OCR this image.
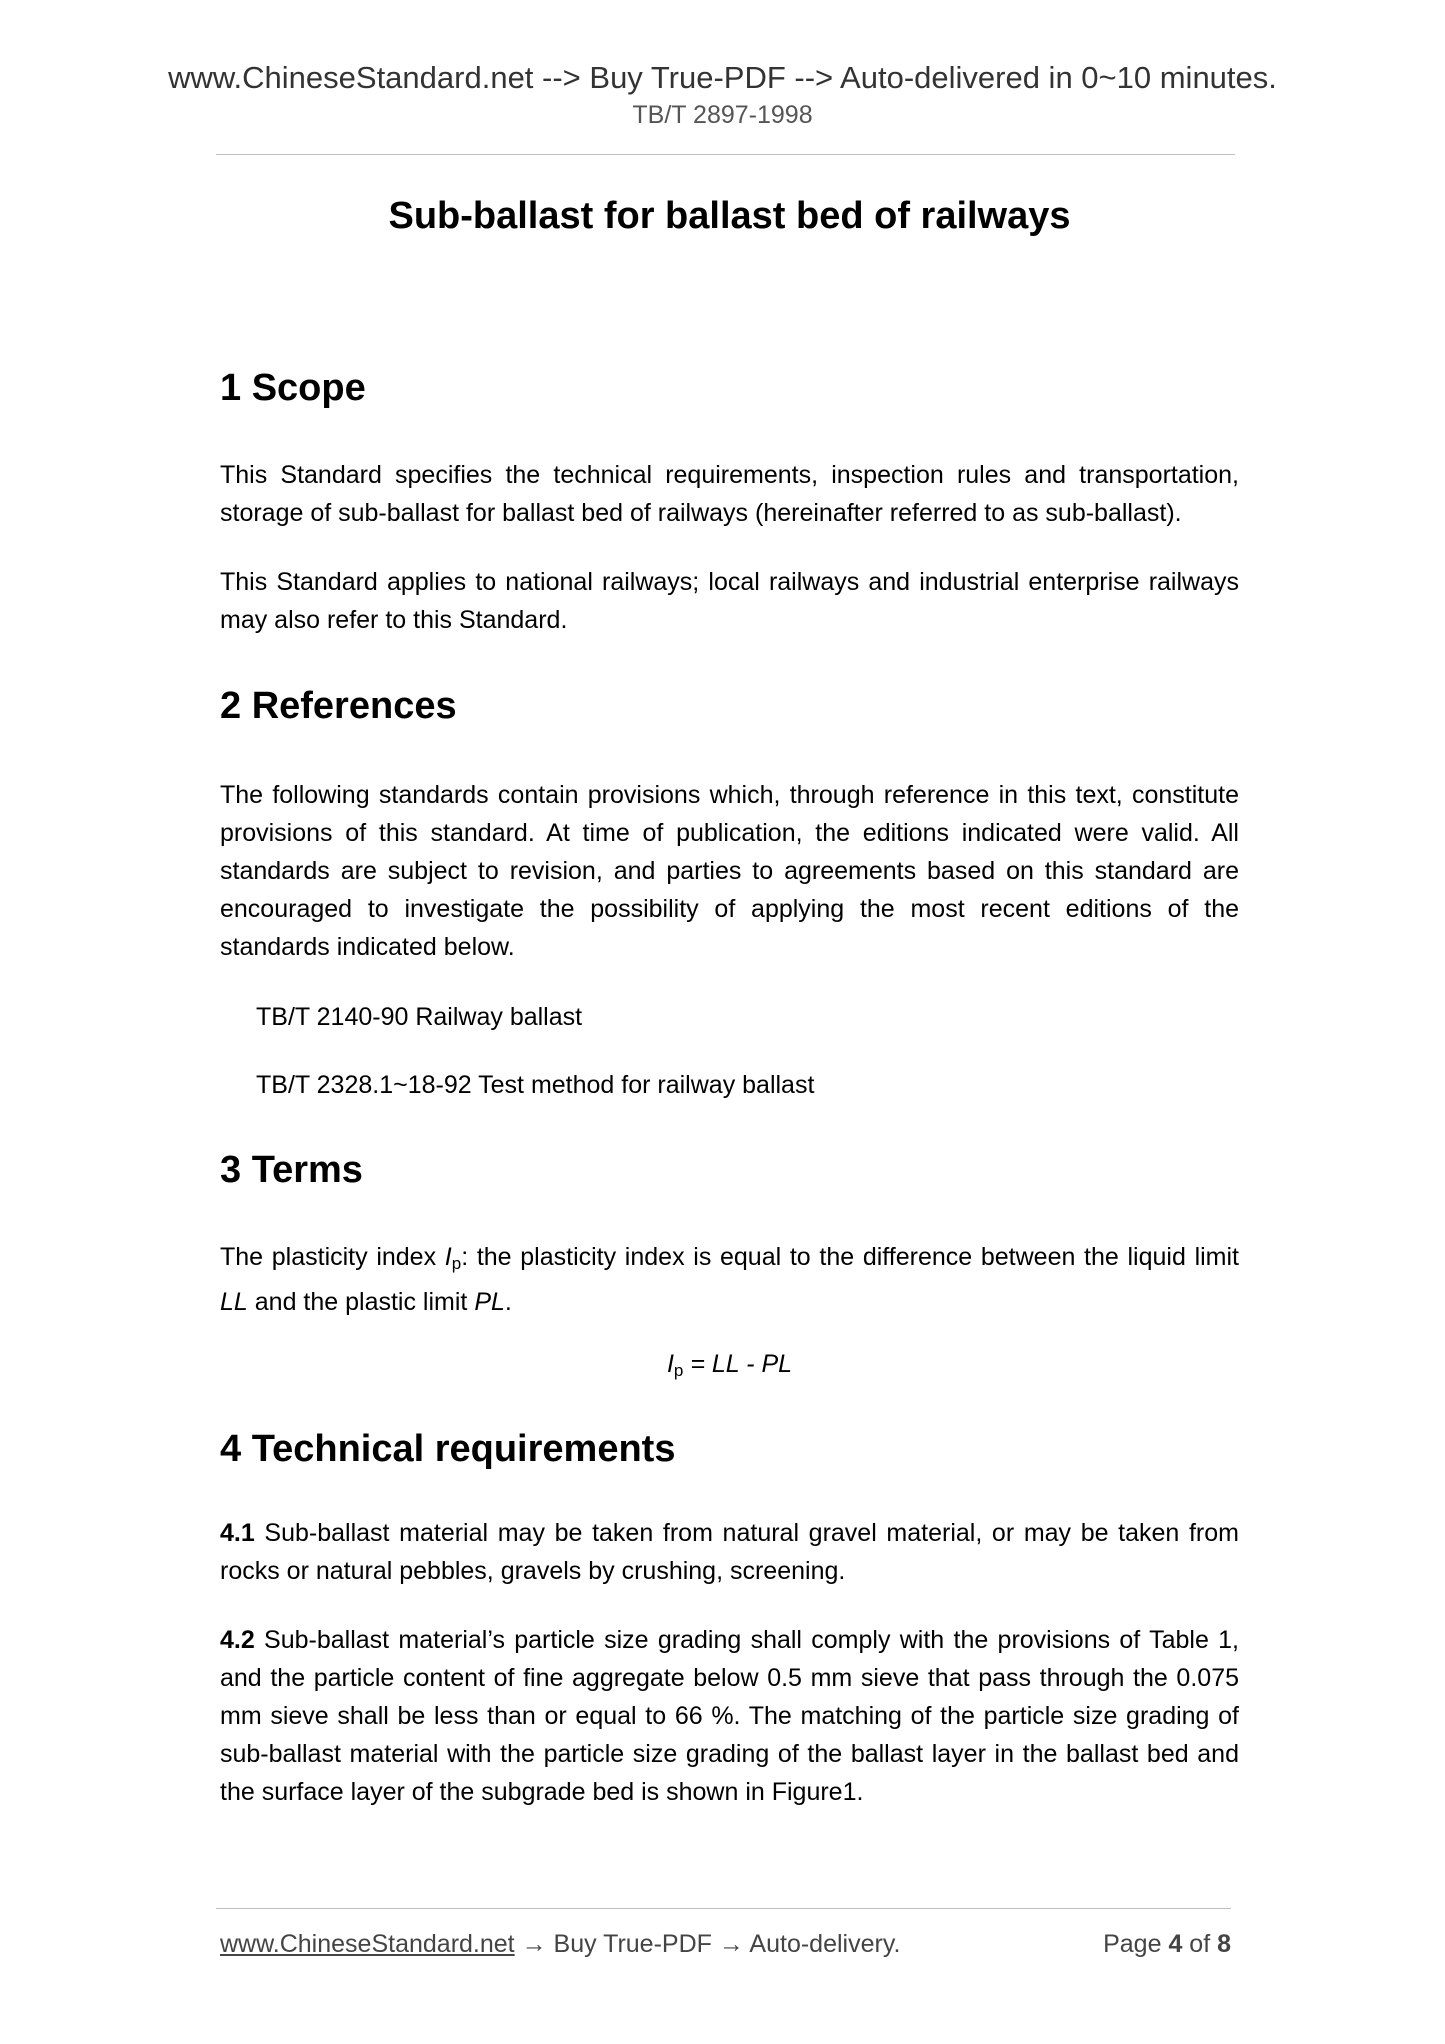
www.ChineseStandard.net --> Buy True-PDF --> Auto-delivered in 0~10 minutes.
TB/T 2897-1998
Sub-ballast for ballast bed of railways
1 Scope
This Standard specifies the technical requirements, inspection rules and transportation, storage of sub-ballast for ballast bed of railways (hereinafter referred to as sub-ballast).
This Standard applies to national railways; local railways and industrial enterprise railways may also refer to this Standard.
2 References
The following standards contain provisions which, through reference in this text, constitute provisions of this standard. At time of publication, the editions indicated were valid. All standards are subject to revision, and parties to agreements based on this standard are encouraged to investigate the possibility of applying the most recent editions of the standards indicated below.
TB/T 2140-90 Railway ballast
TB/T 2328.1~18-92 Test method for railway ballast
3 Terms
The plasticity index $I_p$: the plasticity index is equal to the difference between the liquid limit LL and the plastic limit PL.
$I_p$ = LL - PL
4 Technical requirements
4.1 Sub-ballast material may be taken from natural gravel material, or may be taken from rocks or natural pebbles, gravels by crushing, screening.
4.2 Sub-ballast material’s particle size grading shall comply with the provisions of Table 1, and the particle content of fine aggregate below 0.5 mm sieve that pass through the 0.075 mm sieve shall be less than or equal to 66 %. The matching of the particle size grading of sub-ballast material with the particle size grading of the ballast layer in the ballast bed and the surface layer of the subgrade bed is shown in Figure1.
www.ChineseStandard.net → Buy True-PDF → Auto-delivery.	Page 4 of 8
